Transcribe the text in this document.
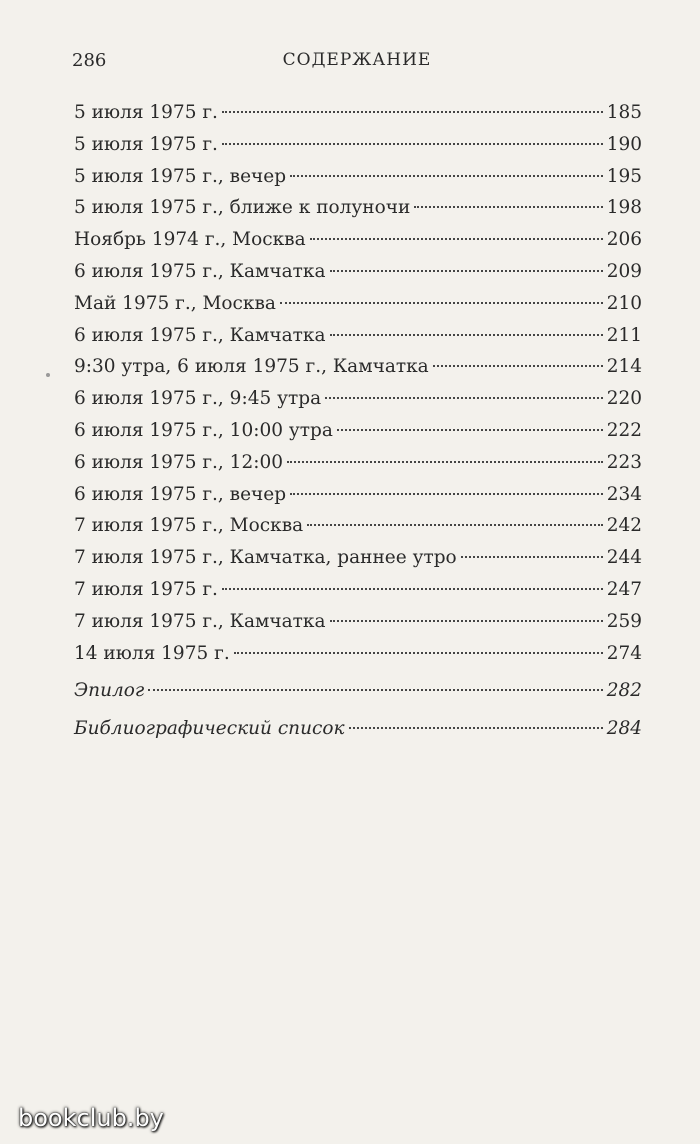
286	СОДЕРЖАНИЕ
5 июля 1975 г.	185
5 июля 1975 г.	190
5 июля 1975 г., вечер	195
5 июля 1975 г., ближе к полуночи	198
Ноябрь 1974 г., Москва	206
6 июля 1975 г., Камчатка	209
Май 1975 г., Москва	210
6 июля 1975 г., Камчатка	211
9:30 утра, 6 июля 1975 г., Камчатка	214
6 июля 1975 г., 9:45 утра	220
6 июля 1975 г., 10:00 утра	222
6 июля 1975 г., 12:00	223
6 июля 1975 г., вечер	234
7 июля 1975 г., Москва	242
7 июля 1975 г., Камчатка, раннее утро	244
7 июля 1975 г.	247
7 июля 1975 г., Камчатка	259
14 июля 1975 г.	274
Эпилог	282
Библиографический список	284
bookclub.by
